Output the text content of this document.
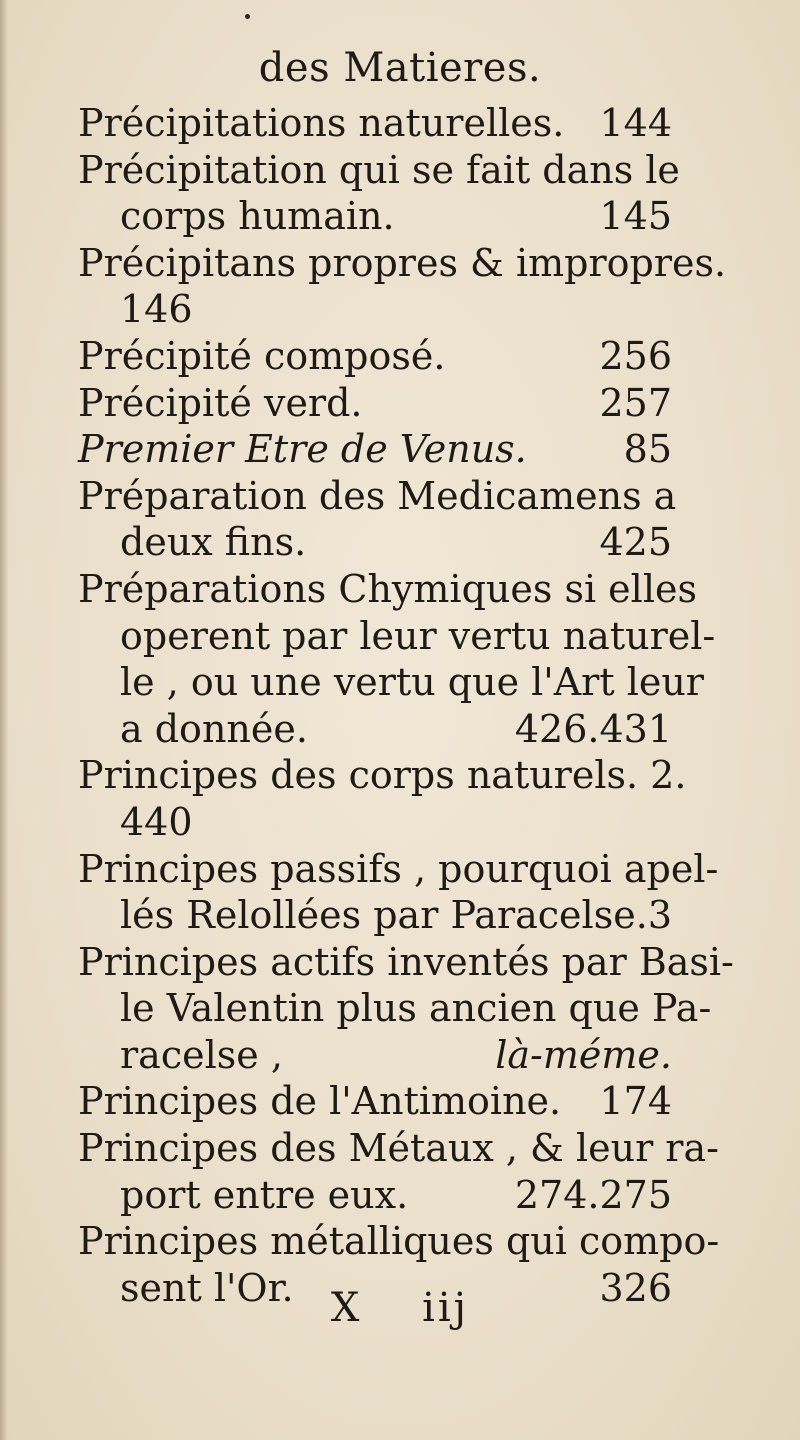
des Matieres.
Précipitations naturelles. 144
Précipitation qui se fait dans le
corps humain.	145
Précipitans propres & impropres.
146
Précipité composé.	256
Précipité verd.	257
Premier Etre de Venus.	85
Préparation des Medicamens a
deux fins.	425
Préparations Chymiques si elles
operent par leur vertu naturel-
le , ou une vertu que l'Art leur
a donnée.	426.431
Principes des corps naturels. 2.
440
Principes passifs , pourquoi apel-
lés Relollées par Paracelse. 3
Principes actifs inventés par Basi-
le Valentin plus ancien que Pa-
racelse ,	là-méme.
Principes de l'Antimoine. 174
Principes des Métaux , & leur ra-
port entre eux.	274.275
Principes métalliques qui compo-
sent l'Or.	326
X iij
